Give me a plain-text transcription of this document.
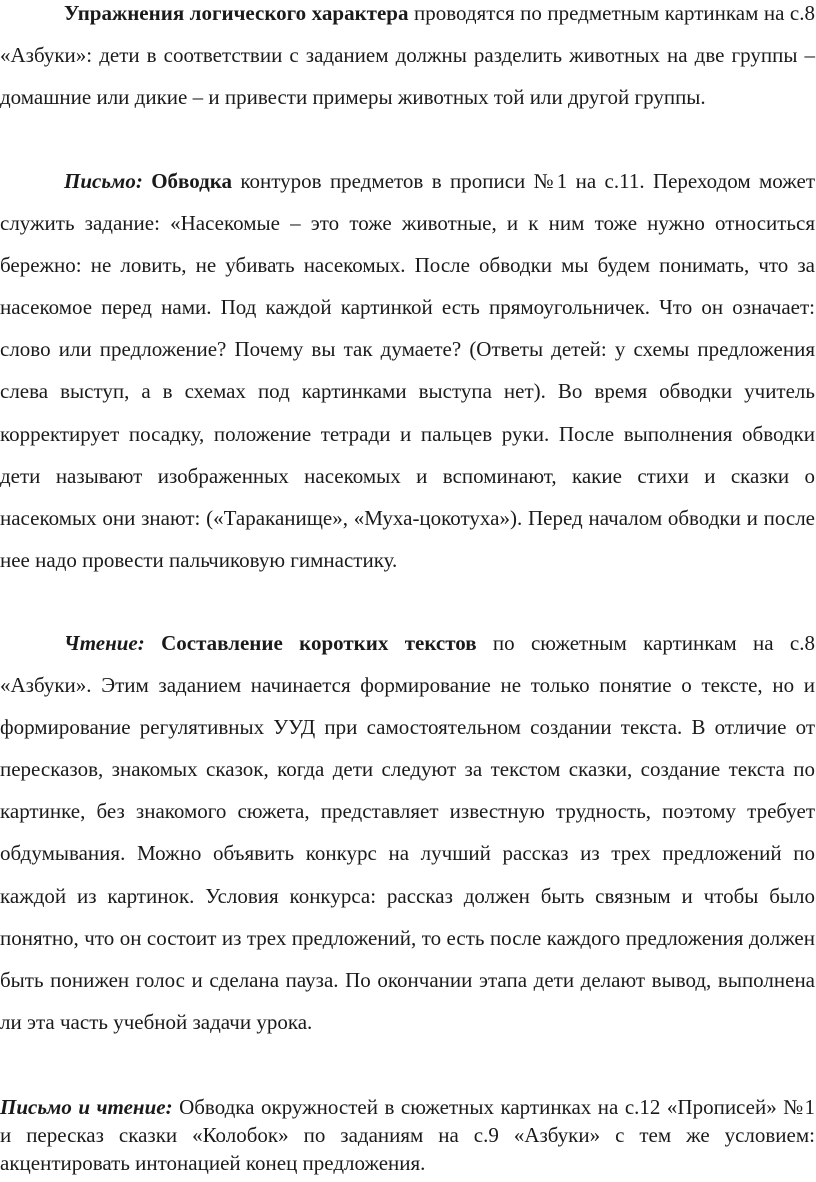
Упражнения логического характера проводятся по предметным картинкам на с.8 «Азбуки»: дети в соответствии с заданием должны разделить животных на две группы – домашние или дикие – и привести примеры животных той или другой группы.

Письмо: Обводка контуров предметов в прописи №1 на с.11. Переходом может служить задание: «Насекомые – это тоже животные, и к ним тоже нужно относиться бережно: не ловить, не убивать насекомых. После обводки мы будем понимать, что за насекомое перед нами. Под каждой картинкой есть прямоугольничек. Что он означает: слово или предложение? Почему вы так думаете? (Ответы детей: у схемы предложения слева выступ, а в схемах под картинками выступа нет). Во время обводки учитель корректирует посадку, положение тетради и пальцев руки. После выполнения обводки дети называют изображенных насекомых и вспоминают, какие стихи и сказки о насекомых они знают: («Тараканище», «Муха-цокотуха»). Перед началом обводки и после нее надо провести пальчиковую гимнастику.

Чтение: Составление коротких текстов по сюжетным картинкам на с.8 «Азбуки». Этим заданием начинается формирование не только понятие о тексте, но и формирование регулятивных УУД при самостоятельном создании текста. В отличие от пересказов, знакомых сказок, когда дети следуют за текстом сказки, создание текста по картинке, без знакомого сюжета, представляет известную трудность, поэтому требует обдумывания. Можно объявить конкурс на лучший рассказ из трех предложений по каждой из картинок. Условия конкурса: рассказ должен быть связным и чтобы было понятно, что он состоит из трех предложений, то есть после каждого предложения должен быть понижен голос и сделана пауза. По окончании этапа дети делают вывод, выполнена ли эта часть учебной задачи урока.

Письмо и чтение: Обводка окружностей в сюжетных картинках на с.12 «Прописей» №1 и пересказ сказки «Колобок» по заданиям на с.9 «Азбуки» с тем же условием: акцентировать интонацией конец предложения.
